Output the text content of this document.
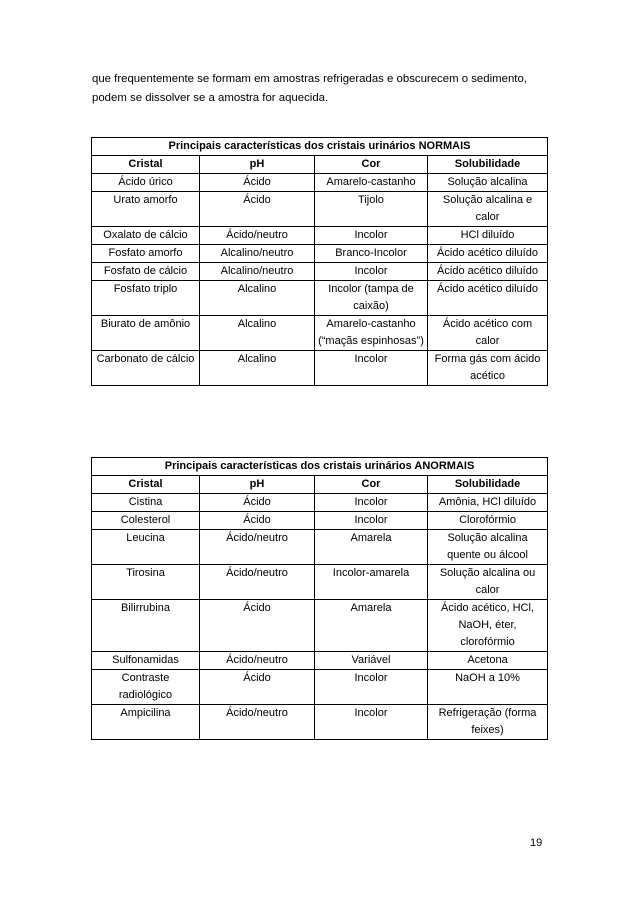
que frequentemente se formam em amostras refrigeradas e obscurecem o sedimento, podem se dissolver se a amostra for aquecida.

Principais características dos cristais urinários NORMAIS			
Cristal	pH	Cor	Solubilidade
Ácido úrico	Ácido	Amarelo-castanho	Solução alcalina
Urato amorfo	Ácido	Tijolo	Solução alcalina e calor
Oxalato de cálcio	Ácido/neutro	Incolor	HCl diluído
Fosfato amorfo	Alcalino/neutro	Branco-Incolor	Ácido acético diluído
Fosfato de cálcio	Alcalino/neutro	Incolor	Ácido acético diluído
Fosfato triplo	Alcalino	Incolor (tampa de caixão)	Ácido acético diluído
Biurato de amônio	Alcalino	Amarelo-castanho (“maçãs espinhosas”)	Ácido acético com calor
Carbonato de cálcio	Alcalino	Incolor	Forma gás com ácido acético
Principais características dos cristais urinários ANORMAIS			
Cristal	pH	Cor	Solubilidade
Cistina	Ácido	Incolor	Amônia, HCl diluído
Colesterol	Ácido	Incolor	Clorofórmio
Leucina	Ácido/neutro	Amarela	Solução alcalina quente ou álcool
Tirosina	Ácido/neutro	Incolor-amarela	Solução alcalina ou calor
Bilirrubina	Ácido	Amarela	Ácido acético, HCl, NaOH, éter, clorofórmio
Sulfonamidas	Ácido/neutro	Variável	Acetona
Contraste radiológico	Ácido	Incolor	NaOH a 10%
Ampicilina	Ácido/neutro	Incolor	Refrigeração (forma feixes)
19
